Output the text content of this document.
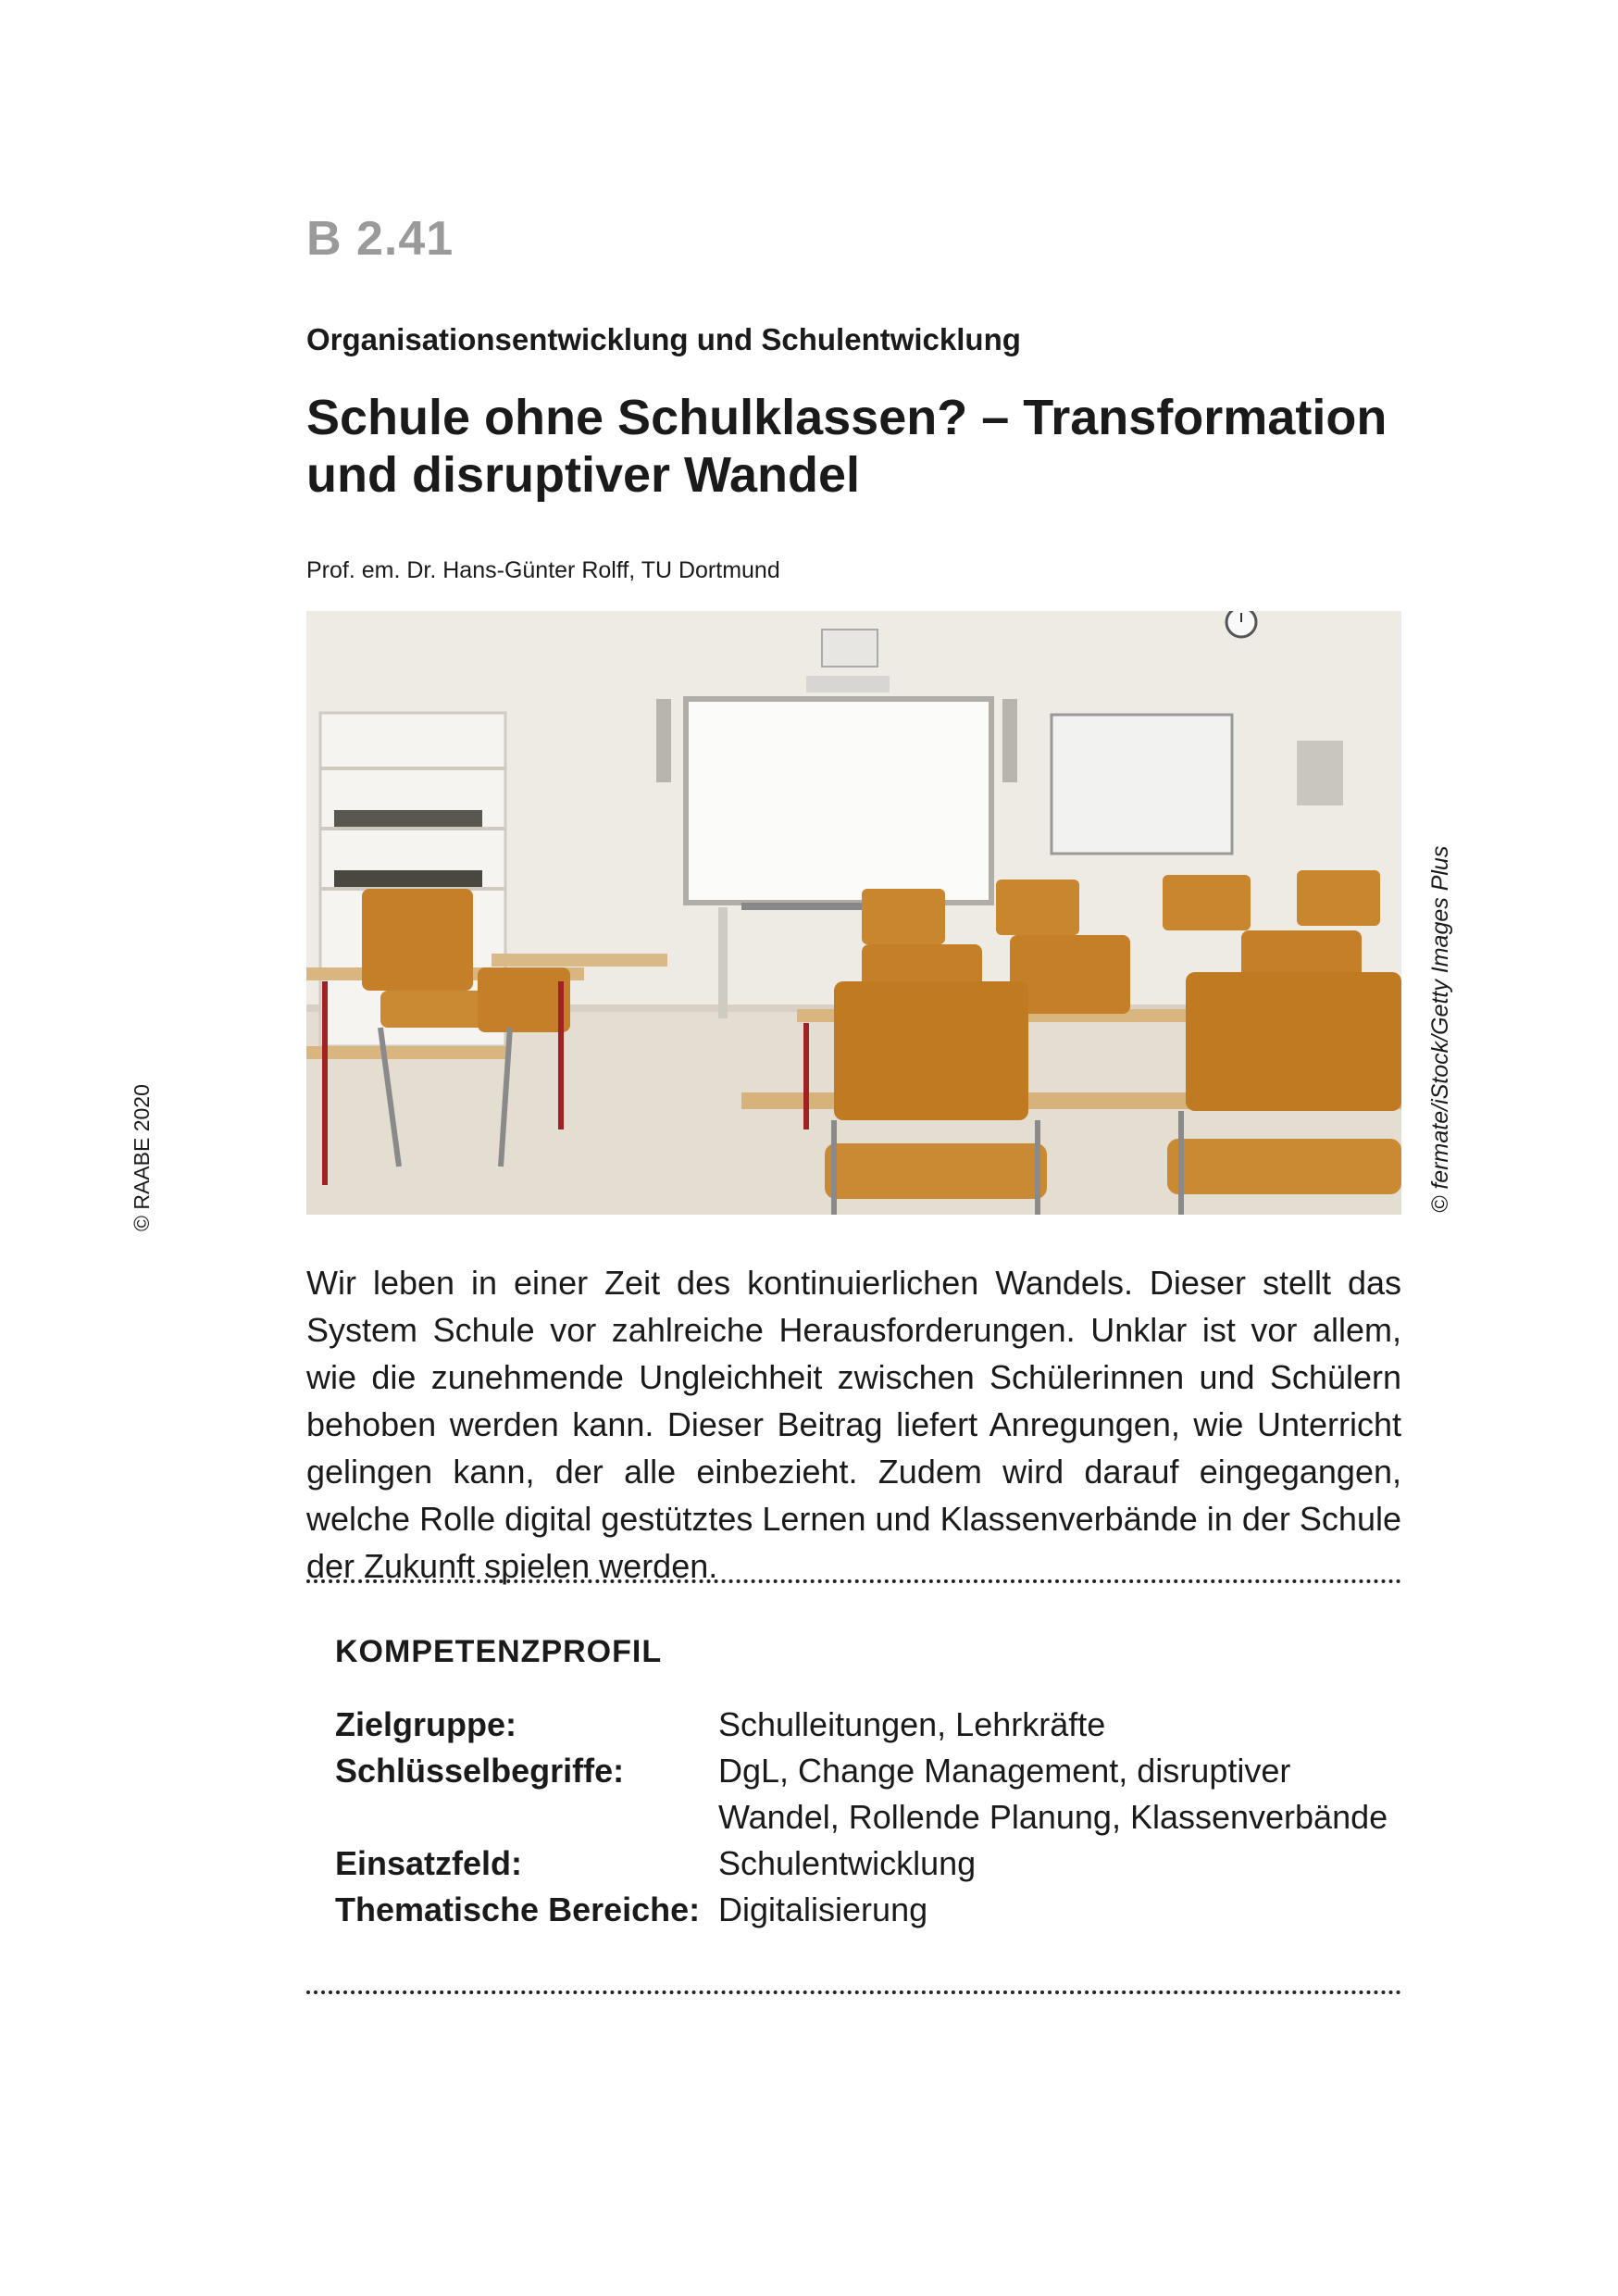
B 2.41
Organisationsentwicklung und Schulentwicklung
Schule ohne Schulklassen? – Transformation
und disruptiver Wandel
Prof. em. Dr. Hans-Günter Rolff, TU Dortmund
© fermate/iStock/Getty Images Plus
© RAABE 2020
Wir leben in einer Zeit des kontinuierlichen Wandels. Dieser stellt das System Schule vor zahlreiche Herausforderungen. Unklar ist vor allem, wie die zunehmende Ungleichheit zwischen Schülerinnen und Schülern behoben werden kann. Dieser Beitrag liefert Anregungen, wie Unterricht gelingen kann, der alle einbezieht. Zudem wird darauf eingegangen, welche Rolle digital gestütztes Lernen und Klassenverbände in der Schule der Zukunft spielen werden.
KOMPETENZPROFIL
Zielgruppe:	Schulleitungen, Lehrkräfte
Schlüsselbegriffe:	DgL, Change Management, disruptiver Wandel, Rollende Planung, Klassenverbände
Einsatzfeld:	Schulentwicklung
Thematische Bereiche: Digitalisierung
